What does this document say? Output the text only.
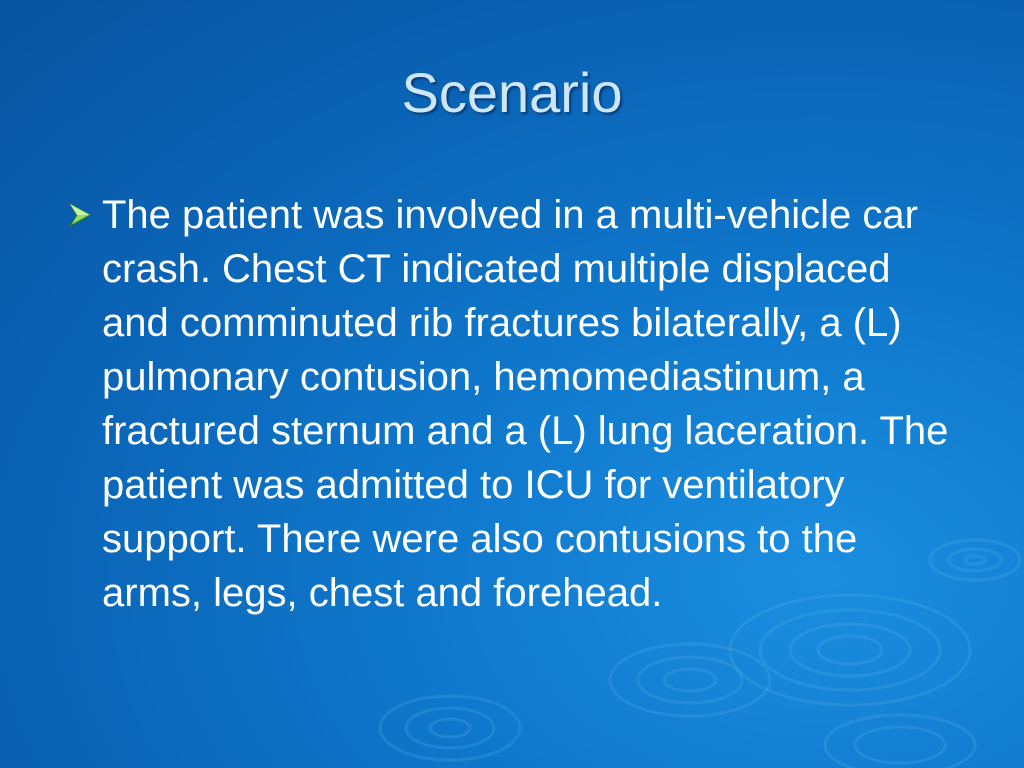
Scenario

The patient was involved in a multi-vehicle car crash. Chest CT indicated multiple displaced and comminuted rib fractures bilaterally, a (L) pulmonary contusion, hemomediastinum, a fractured sternum and a (L) lung laceration. The patient was admitted to ICU for ventilatory support. There were also contusions to the arms, legs, chest and forehead.
